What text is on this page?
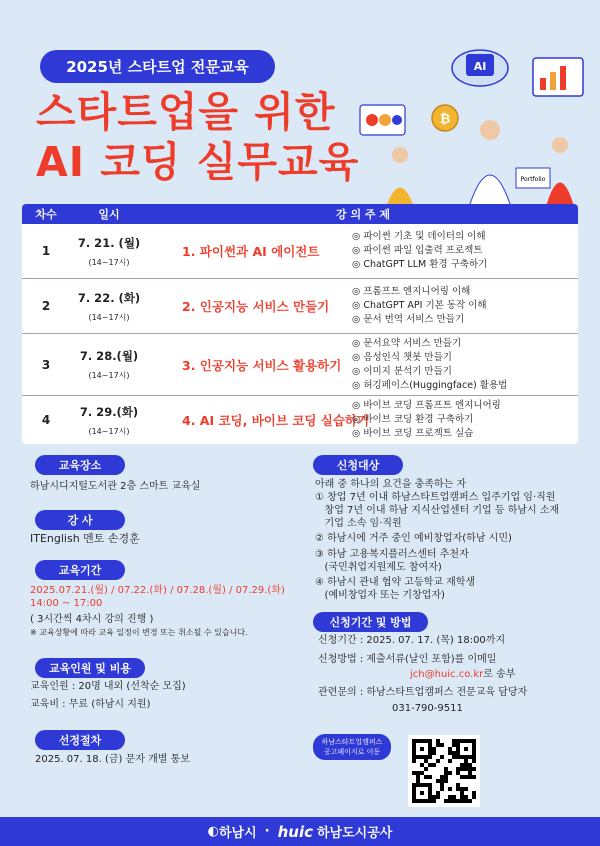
2025년 스타트업 전문교육
스타트업을 위한
AI 코딩 실무교육
AI
₿
Portfolio
차수	일시	강 의 주 제
1
7. 21. (월)
(14~17시)
1. 파이썬과 AI 에이전트
◎ 파이썬 기초 및 데이터의 이해
◎ 파이썬 파일 입출력 프로젝트
◎ ChatGPT LLM 환경 구축하기
2
7. 22. (화)
(14~17시)
2. 인공지능 서비스 만들기
◎ 프롬프트 엔지니어링 이해
◎ ChatGPT API 기본 동작 이해
◎ 문서 번역 서비스 만들기
3
7. 28.(월)
(14~17시)
3. 인공지능 서비스 활용하기
◎ 문서요약 서비스 만들기
◎ 음성인식 챗봇 만들기
◎ 이미지 분석기 만들기
◎ 허깅페이스(Huggingface) 활용법
4
7. 29.(화)
(14~17시)
4. AI 코딩, 바이브 코딩 실습하기
◎ 바이브 코딩 프롬프트 엔지니어링
◎ 바이브 코딩 환경 구축하기
◎ 바이브 코딩 프로젝트 실습
교육장소
하남시디지털도서관 2층 스마트 교육실
강 사
ITEnglish 멘토 손경훈
교육기간
2025.07.21.(월) / 07.22.(화) / 07.28.(월) / 07.29.(화)
14:00 ~ 17:00
( 3시간씩 4차시 강의 진행 )
※ 교육상황에 따라 교육 일정이 변경 또는 취소될 수 있습니다.
교육인원 및 비용
교육인원 : 20명 내외 (선착순 모집)
교육비 : 무료 (하남시 지원)
선정절차
2025. 07. 18. (금) 문자 개별 통보
신청대상
아래 중 하나의 요건을 충족하는 자
① 창업 7년 이내 하남스타트업캠퍼스 입주기업 임·직원
창업 7년 이내 하남 지식산업센터 기업 등 하남시 소재
기업 소속 임·직원
② 하남시에 거주 중인 예비창업자(하남 시민)
③ 하남 고용복지플러스센터 추천자
(국민취업지원제도 참여자)
④ 하남시 관내 협약 고등학교 재학생
(예비창업자 또는 기창업자)
신청기간 및 방법
신청기간 : 2025. 07. 17. (목) 18:00까지
신청방법 : 제출서류(날인 포함)를 이메일
jch@huic.co.kr로 송부
관련문의 : 하남스타트업캠퍼스 전문교육 담당자
031-790-9511
하남스타트업캠퍼스
공고페이지로 이동
◐ 하남시 · huic 하남도시공사
